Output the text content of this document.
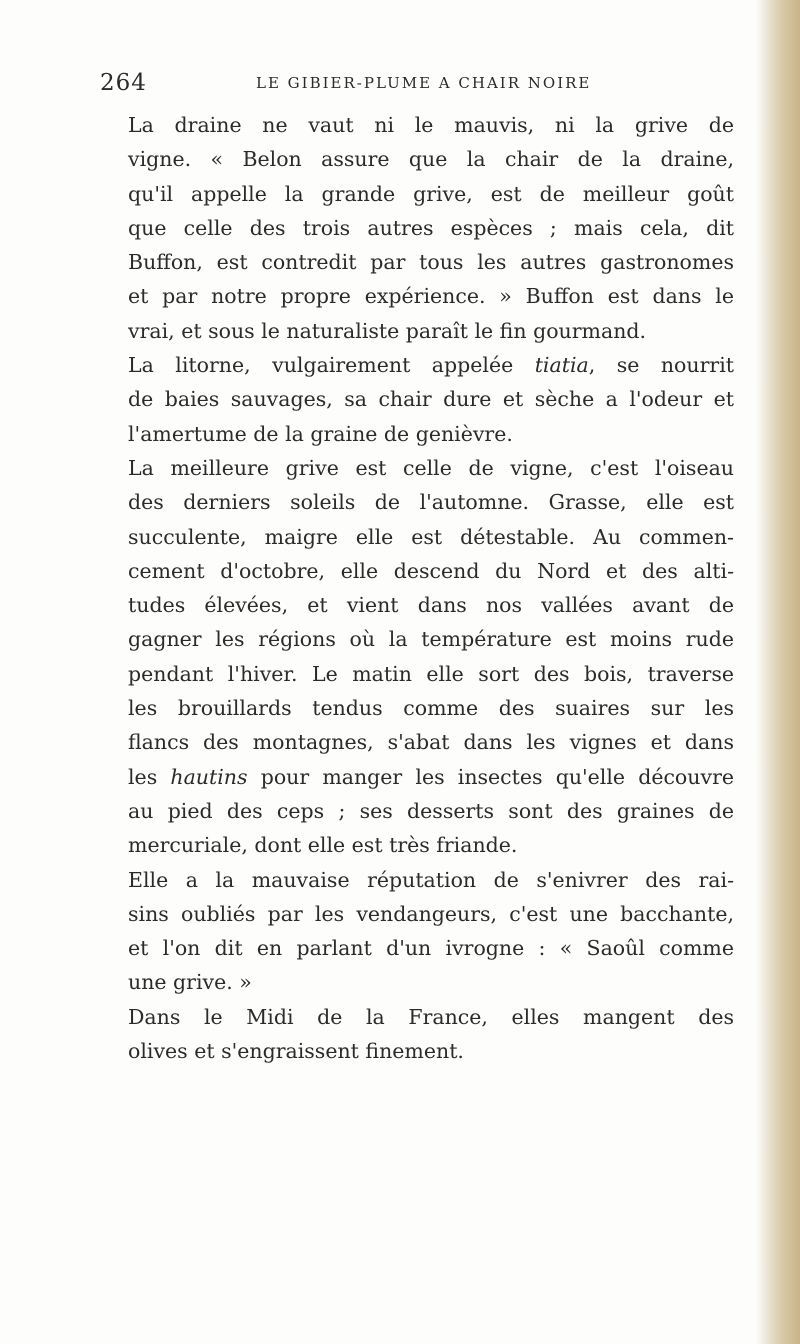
264	LE GIBIER-PLUME A CHAIR NOIRE

La draine ne vaut ni le mauvis, ni la grive de
vigne. « Belon assure que la chair de la draine,
qu'il appelle la grande grive, est de meilleur goût
que celle des trois autres espèces ; mais cela, dit
Buffon, est contredit par tous les autres gastronomes
et par notre propre expérience. » Buffon est dans le
vrai, et sous le naturaliste paraît le fin gourmand.

La litorne, vulgairement appelée tiatia, se nourrit
de baies sauvages, sa chair dure et sèche a l'odeur et
l'amertume de la graine de genièvre.

La meilleure grive est celle de vigne, c'est l'oiseau
des derniers soleils de l'automne. Grasse, elle est
succulente, maigre elle est détestable. Au commen-
cement d'octobre, elle descend du Nord et des alti-
tudes élevées, et vient dans nos vallées avant de
gagner les régions où la température est moins rude
pendant l'hiver. Le matin elle sort des bois, traverse
les brouillards tendus comme des suaires sur les
flancs des montagnes, s'abat dans les vignes et dans
les hautins pour manger les insectes qu'elle découvre
au pied des ceps ; ses desserts sont des graines de
mercuriale, dont elle est très friande.

Elle a la mauvaise réputation de s'enivrer des rai-
sins oubliés par les vendangeurs, c'est une bacchante,
et l'on dit en parlant d'un ivrogne : « Saoûl comme
une grive. »

Dans le Midi de la France, elles mangent des
olives et s'engraissent finement.
